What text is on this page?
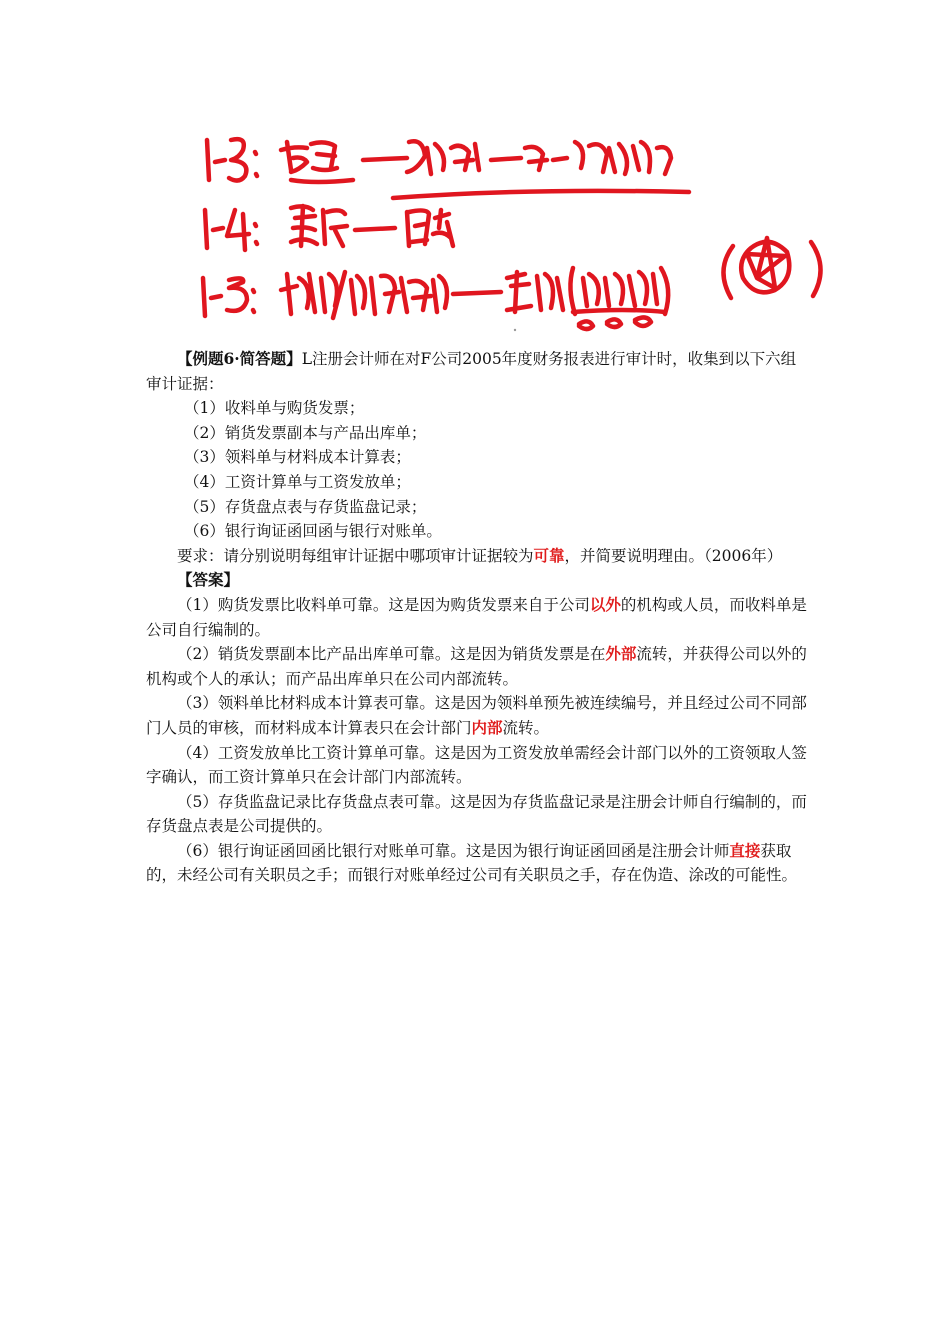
【例题6·简答题】L注册会计师在对F公司2005年度财务报表进行审计时，收集到以下六组审计证据：

（1）收料单与购货发票；

（2）销货发票副本与产品出库单；

（3）领料单与材料成本计算表；

（4）工资计算单与工资发放单；

（5）存货盘点表与存货监盘记录；

（6）银行询证函回函与银行对账单。

要求：请分别说明每组审计证据中哪项审计证据较为可靠，并简要说明理由。（2006年）

【答案】

（1）购货发票比收料单可靠。这是因为购货发票来自于公司以外的机构或人员，而收料单是公司自行编制的。

（2）销货发票副本比产品出库单可靠。这是因为销货发票是在外部流转，并获得公司以外的机构或个人的承认；而产品出库单只在公司内部流转。

（3）领料单比材料成本计算表可靠。这是因为领料单预先被连续编号，并且经过公司不同部门人员的审核，而材料成本计算表只在会计部门内部流转。

（4）工资发放单比工资计算单可靠。这是因为工资发放单需经会计部门以外的工资领取人签字确认，而工资计算单只在会计部门内部流转。

（5）存货监盘记录比存货盘点表可靠。这是因为存货监盘记录是注册会计师自行编制的，而存货盘点表是公司提供的。

（6）银行询证函回函比银行对账单可靠。这是因为银行询证函回函是注册会计师直接获取的，未经公司有关职员之手；而银行对账单经过公司有关职员之手，存在伪造、涂改的可能性。
